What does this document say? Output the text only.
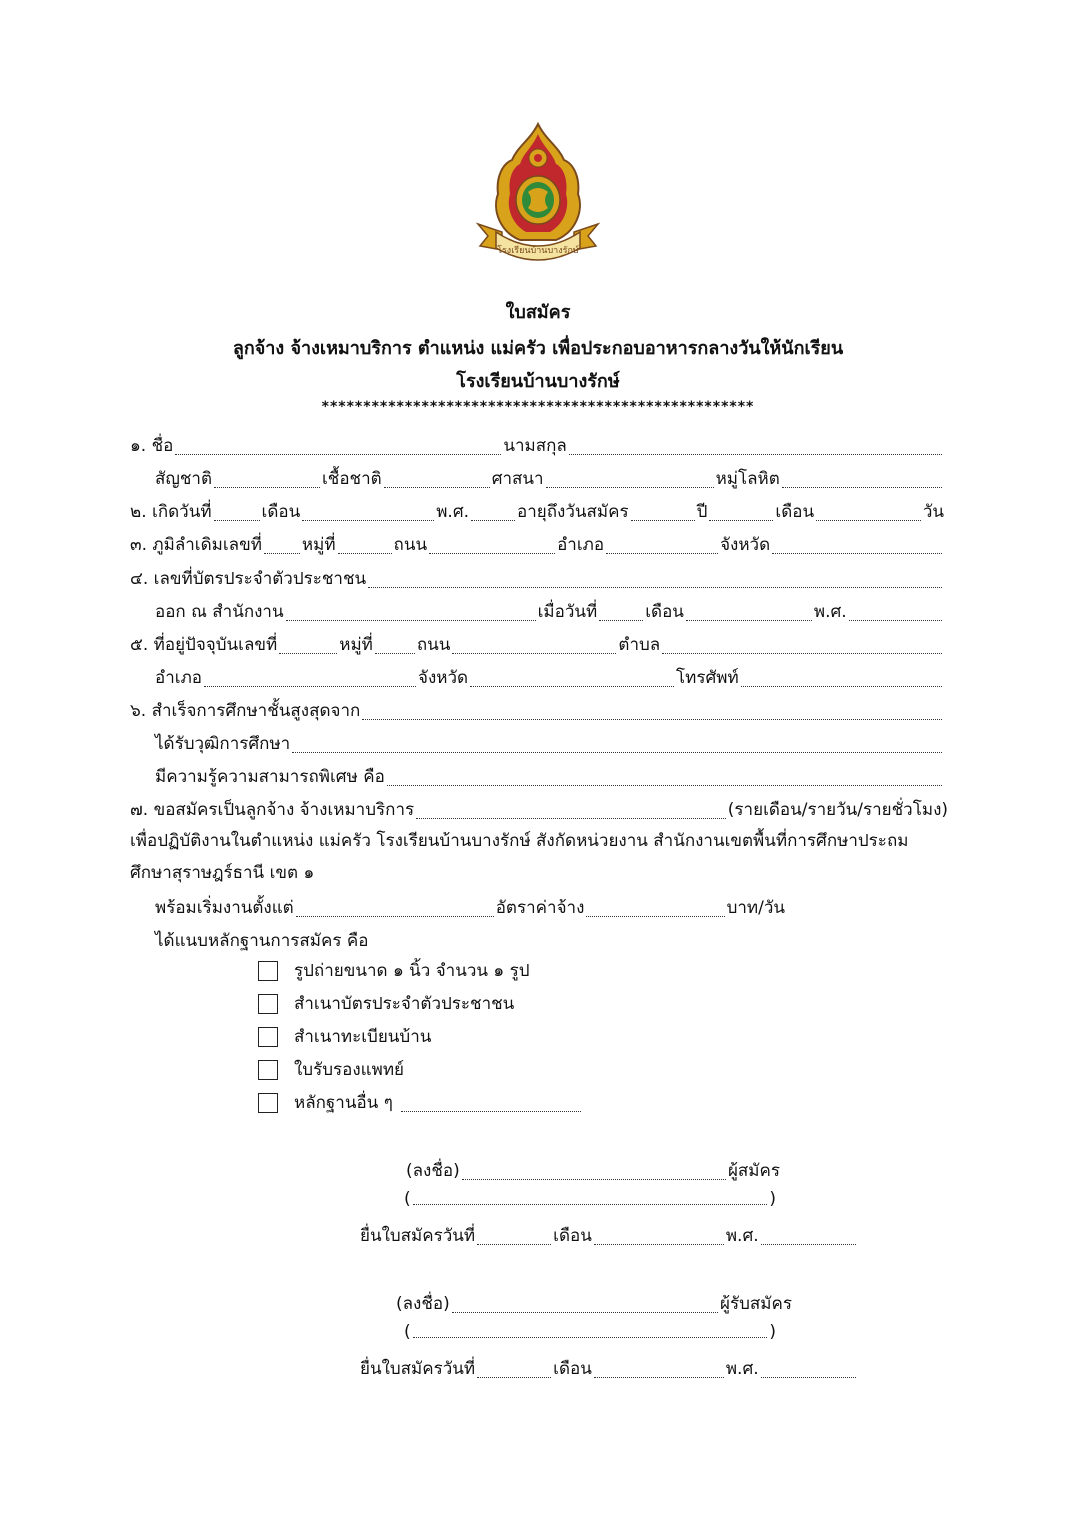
โรงเรียนบ้านบางรักษ์
ใบสมัคร
ลูกจ้าง จ้างเหมาบริการ ตำแหน่ง แม่ครัว เพื่อประกอบอาหารกลางวันให้นักเรียน
โรงเรียนบ้านบางรักษ์
****************************************************
๑. ชื่อ	นามสกุล
สัญชาติ	เชื้อชาติ	ศาสนา	หมู่โลหิต
๒. เกิดวันที่	เดือน	พ.ศ.	อายุถึงวันสมัคร	ปี	เดือน	วัน
๓. ภูมิลำเดิมเลขที่ หมู่ที่	ถนน	อำเภอ	จังหวัด
๔. เลขที่บัตรประจำตัวประชาชน
ออก ณ สำนักงาน	เมื่อวันที่	เดือน	พ.ศ.
๕. ที่อยู่ปัจจุบันเลขที่	หมู่ที่	ถนน	ตำบล
อำเภอ	จังหวัด	โทรศัพท์
๖. สำเร็จการศึกษาชั้นสูงสุดจาก
ได้รับวุฒิการศึกษา
มีความรู้ความสามารถพิเศษ คือ
๗. ขอสมัครเป็นลูกจ้าง จ้างเหมาบริการ	(รายเดือน/รายวัน/รายชั่วโมง)
เพื่อปฏิบัติงานในตำแหน่ง แม่ครัว โรงเรียนบ้านบางรักษ์ สังกัดหน่วยงาน สำนักงานเขตพื้นที่การศึกษาประถมศึกษาสุราษฎร์ธานี เขต ๑
พร้อมเริ่มงานตั้งแต่	อัตราค่าจ้าง	บาท/วัน
ได้แนบหลักฐานการสมัคร คือ
รูปถ่ายขนาด ๑ นิ้ว จำนวน ๑ รูป
สำเนาบัตรประจำตัวประชาชน
สำเนาทะเบียนบ้าน
ใบรับรองแพทย์
หลักฐานอื่น ๆ
(ลงชื่อ)	ผู้สมัคร
(	)
ยื่นใบสมัครวันที่	เดือน	พ.ศ.
(ลงชื่อ)	ผู้รับสมัคร
(	)
ยื่นใบสมัครวันที่	เดือน	พ.ศ.
